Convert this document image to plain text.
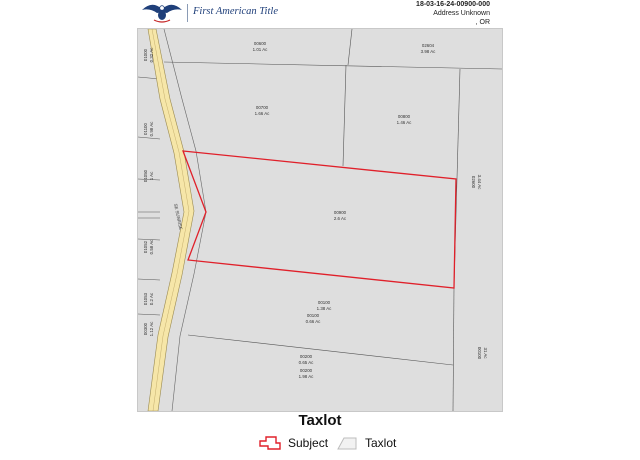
First American Title
18-03-16-24-00900-000
Address Unknown
, OR
SE SUNRISE
00600
1.01 Ac
02604
3.98 Ac
00700
1.66 Ac
00800
1.46 Ac
00900
2.6 Ac
00100
1.38 Ac
00100
0.66 Ac
00200
0.65 Ac
00200
1.98 Ac
02600 3.44 Ac
00100 31 Ac
01000 0.32 Ac
01100 0.98 Ac
01050 1 Ac
01052 0.58 Ac
01053 0.2 Ac
00300 1.12 Ac
Taxlot
Subject	Taxlot
